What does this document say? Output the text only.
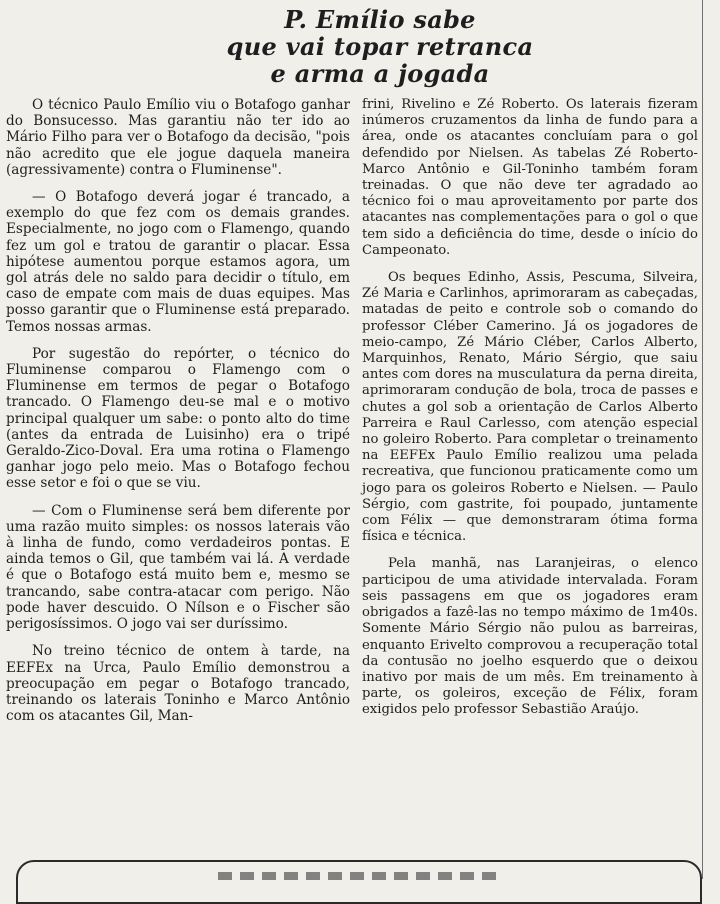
P. Emílio sabe
que vai topar retranca
e arma a jogada

O técnico Paulo Emílio viu o Botafogo ganhar do Bonsucesso. Mas garantiu não ter ido ao Mário Filho para ver o Botafogo da decisão, "pois não acredito que ele jogue daquela maneira (agressivamente) contra o Fluminense".

— O Botafogo deverá jogar é trancado, a exemplo do que fez com os demais grandes. Especialmente, no jogo com o Flamengo, quando fez um gol e tratou de garantir o placar. Essa hipótese aumentou porque estamos agora, um gol atrás dele no saldo para decidir o título, em caso de empate com mais de duas equipes. Mas posso garantir que o Fluminense está preparado. Temos nossas armas.

Por sugestão do repórter, o técnico do Fluminense comparou o Flamengo com o Fluminense em termos de pegar o Botafogo trancado. O Flamengo deu-se mal e o motivo principal qualquer um sabe: o ponto alto do time (antes da entrada de Luisinho) era o tripé Geraldo-Zico-Doval. Era uma rotina o Flamengo ganhar jogo pelo meio. Mas o Botafogo fechou esse setor e foi o que se viu.

— Com o Fluminense será bem diferente por uma razão muito simples: os nossos laterais vão à linha de fundo, como verdadeiros pontas. E ainda temos o Gil, que também vai lá. A verdade é que o Botafogo está muito bem e, mesmo se trancando, sabe contra-atacar com perigo. Não pode haver descuido. O Nílson e o Fischer são perigosíssimos. O jogo vai ser duríssimo.

No treino técnico de ontem à tarde, na EEFEx na Urca, Paulo Emílio demonstrou a preocupação em pegar o Botafogo trancado, treinando os laterais Toninho e Marco Antônio com os atacantes Gil, Man-

frini, Rivelino e Zé Roberto. Os laterais fizeram inúmeros cruzamentos da linha de fundo para a área, onde os atacantes concluíam para o gol defendido por Nielsen. As tabelas Zé Roberto-Marco Antônio e Gil-Toninho também foram treinadas. O que não deve ter agradado ao técnico foi o mau aproveitamento por parte dos atacantes nas complementações para o gol o que tem sido a deficiência do time, desde o início do Campeonato.

Os beques Edinho, Assis, Pescuma, Silveira, Zé Maria e Carlinhos, aprimoraram as cabeçadas, matadas de peito e controle sob o comando do professor Cléber Camerino. Já os jogadores de meio-campo, Zé Mário Cléber, Carlos Alberto, Marquinhos, Renato, Mário Sérgio, que saiu antes com dores na musculatura da perna direita, aprimoraram condução de bola, troca de passes e chutes a gol sob a orientação de Carlos Alberto Parreira e Raul Carlesso, com atenção especial no goleiro Roberto. Para completar o treinamento na EEFEx Paulo Emílio realizou uma pelada recreativa, que funcionou praticamente como um jogo para os goleiros Roberto e Nielsen. — Paulo Sérgio, com gastrite, foi poupado, juntamente com Félix — que demonstraram ótima forma física e técnica.

Pela manhã, nas Laranjeiras, o elenco participou de uma atividade intervalada. Foram seis passagens em que os jogadores eram obrigados a fazê-las no tempo máximo de 1m40s. Somente Mário Sérgio não pulou as barreiras, enquanto Erivelto comprovou a recuperação total da contusão no joelho esquerdo que o deixou inativo por mais de um mês. Em treinamento à parte, os goleiros, exceção de Félix, foram exigidos pelo professor Sebastião Araújo.
